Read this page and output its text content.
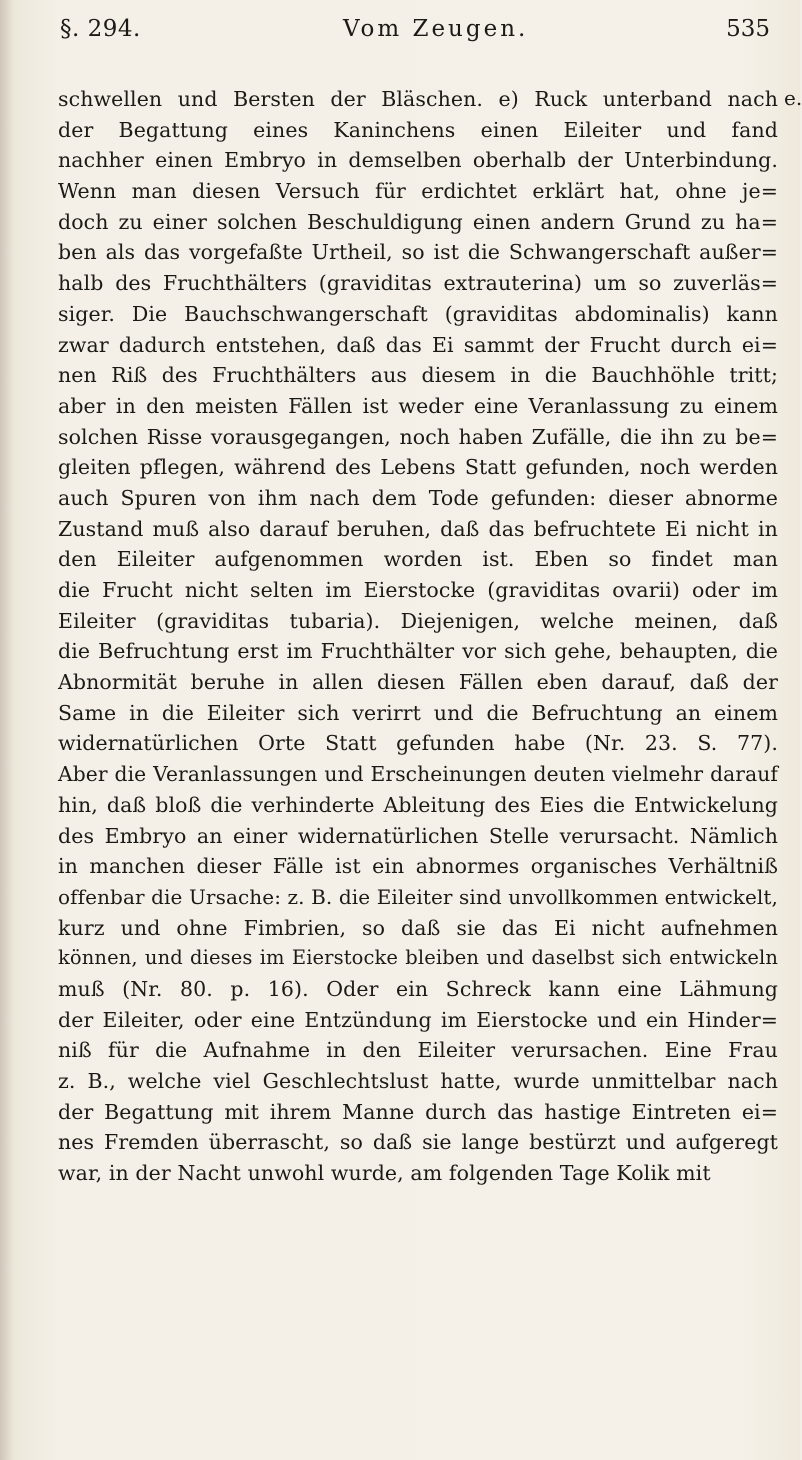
§. 294.	Vom Zeugen.	535
e.
schwellen und Bersten der Bläschen. e) Ruck unterband nach
der Begattung eines Kaninchens einen Eileiter und fand
nachher einen Embryo in demselben oberhalb der Unterbindung.
Wenn man diesen Versuch für erdichtet erklärt hat, ohne je=
doch zu einer solchen Beschuldigung einen andern Grund zu ha=
ben als das vorgefaßte Urtheil, so ist die Schwangerschaft außer=
halb des Fruchthälters (graviditas extrauterina) um so zuverläs=
siger. Die Bauchschwangerschaft (graviditas abdominalis) kann
zwar dadurch entstehen, daß das Ei sammt der Frucht durch ei=
nen Riß des Fruchthälters aus diesem in die Bauchhöhle tritt;
aber in den meisten Fällen ist weder eine Veranlassung zu einem
solchen Risse vorausgegangen, noch haben Zufälle, die ihn zu be=
gleiten pflegen, während des Lebens Statt gefunden, noch werden
auch Spuren von ihm nach dem Tode gefunden: dieser abnorme
Zustand muß also darauf beruhen, daß das befruchtete Ei nicht in
den Eileiter aufgenommen worden ist. Eben so findet man
die Frucht nicht selten im Eierstocke (graviditas ovarii) oder im
Eileiter (graviditas tubaria). Diejenigen, welche meinen, daß
die Befruchtung erst im Fruchthälter vor sich gehe, behaupten, die
Abnormität beruhe in allen diesen Fällen eben darauf, daß der
Same in die Eileiter sich verirrt und die Befruchtung an einem
widernatürlichen Orte Statt gefunden habe (Nr. 23. S. 77).
Aber die Veranlassungen und Erscheinungen deuten vielmehr darauf
hin, daß bloß die verhinderte Ableitung des Eies die Entwickelung
des Embryo an einer widernatürlichen Stelle verursacht. Nämlich
in manchen dieser Fälle ist ein abnormes organisches Verhältniß
offenbar die Ursache: z. B. die Eileiter sind unvollkommen entwickelt,
kurz und ohne Fimbrien, so daß sie das Ei nicht aufnehmen
können, und dieses im Eierstocke bleiben und daselbst sich entwickeln
muß (Nr. 80. p. 16). Oder ein Schreck kann eine Lähmung
der Eileiter, oder eine Entzündung im Eierstocke und ein Hinder=
niß für die Aufnahme in den Eileiter verursachen. Eine Frau
z. B., welche viel Geschlechtslust hatte, wurde unmittelbar nach
der Begattung mit ihrem Manne durch das hastige Eintreten ei=
nes Fremden überrascht, so daß sie lange bestürzt und aufgeregt
war, in der Nacht unwohl wurde, am folgenden Tage Kolik mit
